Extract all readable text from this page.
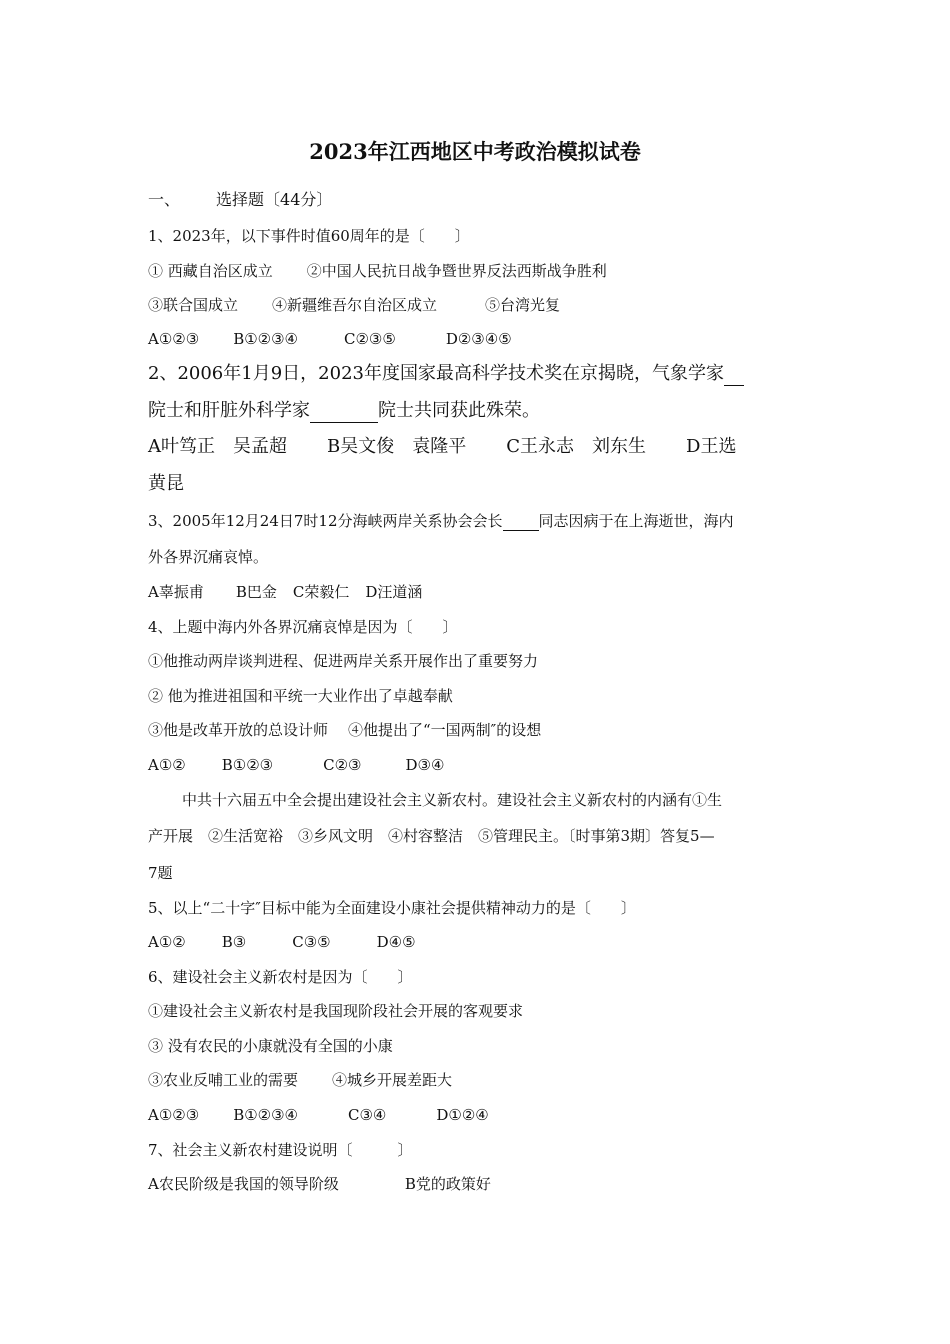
2023年江西地区中考政治模拟试卷
一、 选择题〔44分〕
1、2023年，以下事件时值60周年的是〔　　〕
① 西藏自治区成立 ②中国人民抗日战争暨世界反法西斯战争胜利
③联合国成立 ④新疆维吾尔自治区成立	⑤台湾光复
A①②③ B①②③④	C②③⑤	D②③④⑤
2、2006年1月9日，2023年度国家最高科学技术奖在京揭晓，气象学家
院士和肝脏外科学家	院士共同获此殊荣。
A叶笃正　吴孟超 B吴文俊　袁隆平 C王永志　刘东生 D王选
黄昆
3、2005年12月24日7时12分海峡两岸关系协会会长 同志因病于在上海逝世，海内
外各界沉痛哀悼。
A辜振甫 B巴金 C荣毅仁 D汪道涵
4、上题中海内外各界沉痛哀悼是因为〔　　〕
①他推动两岸谈判进程、促进两岸关系开展作出了重要努力
② 他为推进祖国和平统一大业作出了卓越奉献
③他是改革开放的总设计师 ④他提出了“一国两制″的设想
A①② B①②③	C②③	D③④
中共十六届五中全会提出建设社会主义新农村。建设社会主义新农村的内涵有①生
产开展　②生活宽裕　③乡风文明　④村容整洁　⑤管理民主。〔时事第3期〕答复5—
7题
5、以上“二十字″目标中能为全面建设小康社会提供精神动力的是〔　　〕
A①② B③	C③⑤	D④⑤
6、建设社会主义新农村是因为〔　　〕
①建设社会主义新农村是我国现阶段社会开展的客观要求
③ 没有农民的小康就没有全国的小康
③农业反哺工业的需要 ④城乡开展差距大
A①②③ B①②③④	C③④	D①②④
7、社会主义新农村建设说明〔　　　〕
A农民阶级是我国的领导阶级	B党的政策好
